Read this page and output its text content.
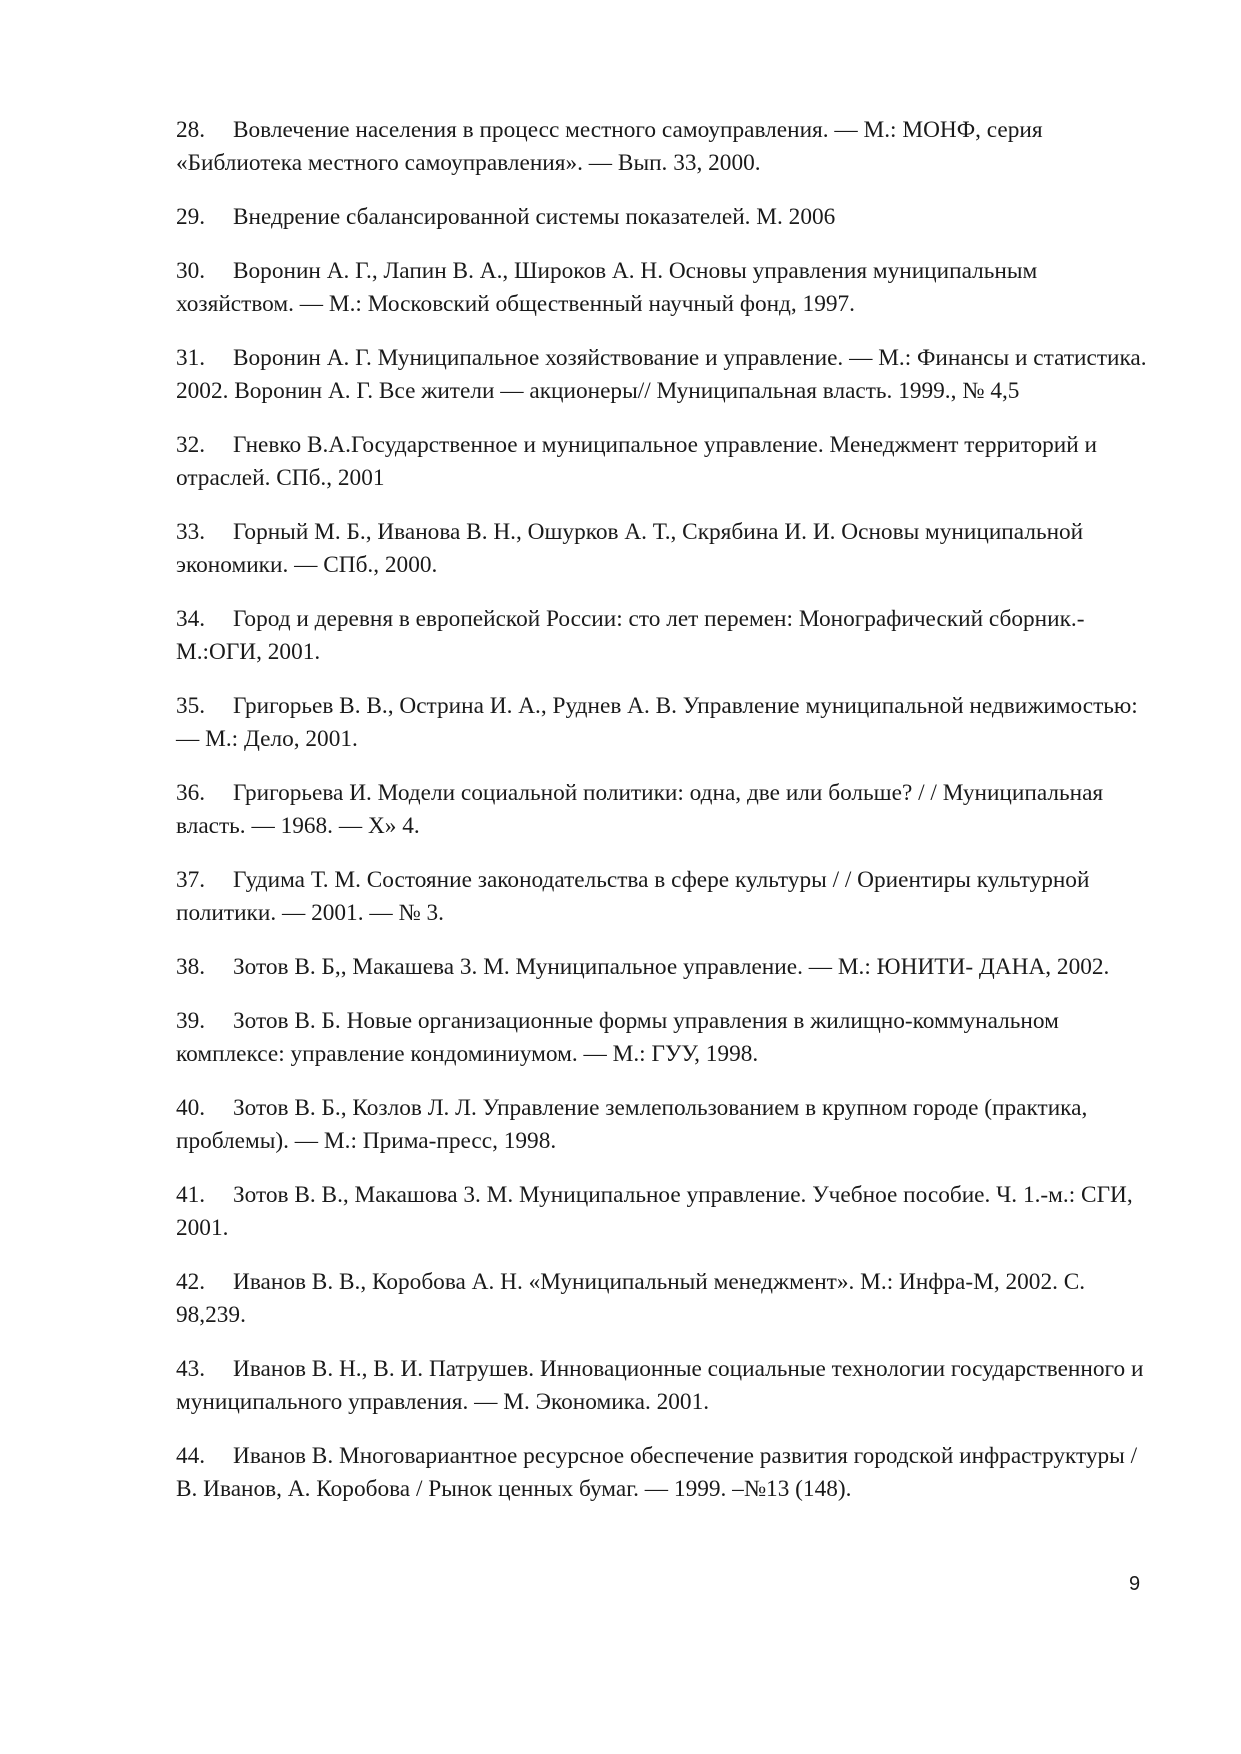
28. Вовлечение населения в процесс местного самоуправления. — М.: МОНФ, серия «Библиотека местного самоуправления». — Вып. 33, 2000.

29. Внедрение сбалансированной системы показателей. М. 2006

30. Воронин А. Г., Лапин В. А., Широков А. Н. Основы управления муниципальным хозяйством. — М.: Московский общественный научный фонд, 1997.

31. Воронин А. Г. Муниципальное хозяйствование и управление. — М.: Финансы и статистика. 2002. Воронин А. Г. Все жители — акционеры// Муниципальная власть. 1999., № 4,5

32. Гневко В.А.Государственное и муниципальное управление. Менеджмент территорий и отраслей. СПб., 2001

33. Горный М. Б., Иванова В. Н., Ошурков А. Т., Скрябина И. И. Основы муниципальной экономики. — СПб., 2000.

34. Город и деревня в европейской России: сто лет перемен: Монографический сборник.-М.:ОГИ, 2001.

35. Григорьев В. В., Острина И. А., Руднев А. В. Управление муниципальной недвижимостью: — М.: Дело, 2001.

36. Григорьева И. Модели социальной политики: одна, две или больше? / / Муниципальная власть. — 1968. — Х» 4.

37. Гудима Т. М. Состояние законодательства в сфере культуры / / Ориентиры культурной политики. — 2001. — № 3.

38. Зотов В. Б,, Макашева 3. М. Муниципальное управление. — М.: ЮНИТИ- ДАНА, 2002.

39. Зотов В. Б. Новые организационные формы управления в жилищно-коммунальном комплексе: управление кондоминиумом. — М.: ГУУ, 1998.

40. Зотов В. Б., Козлов Л. Л. Управление землепользованием в крупном городе (практика, проблемы). — М.: Прима-пресс, 1998.

41. Зотов В. В., Макашова 3. М. Муниципальное управление. Учебное пособие. Ч. 1.-м.: СГИ, 2001.

42. Иванов В. В., Коробова А. Н. «Муниципальный менеджмент». М.: Инфра-М, 2002. С. 98,239.

43. Иванов В. Н., В. И. Патрушев. Инновационные социальные технологии государственного и муниципального управления. — М. Экономика. 2001.

44. Иванов В. Многовариантное ресурсное обеспечение развития городской инфраструктуры / В. Иванов, А. Коробова / Рынок ценных бумаг. — 1999. –№13 (148).

9
